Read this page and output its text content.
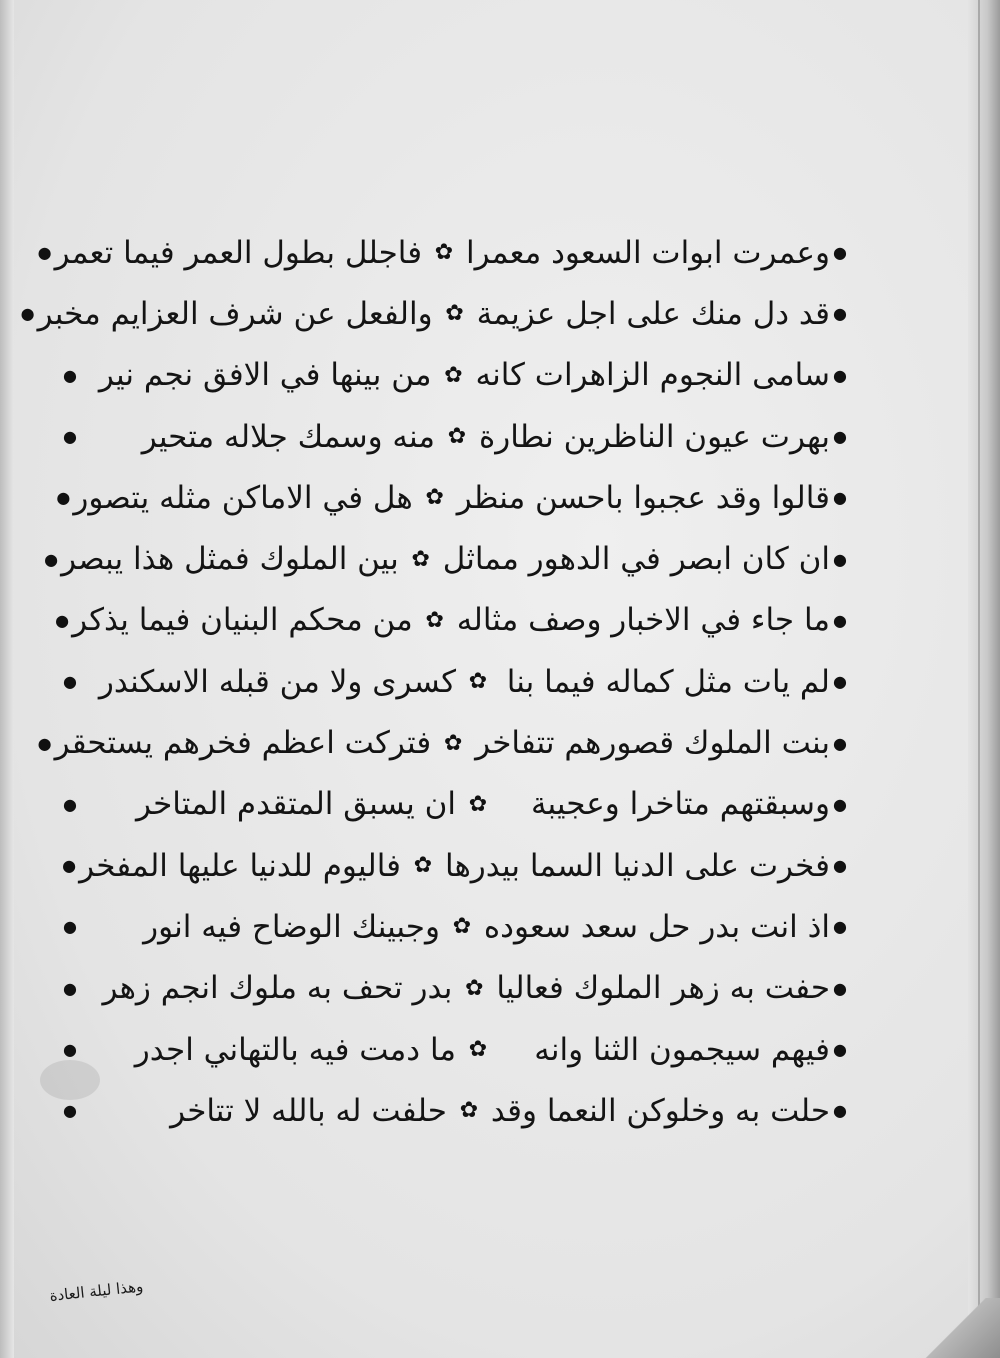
●
وعمرت ابوات السعود معمرا
✿
فاجلل بطول العمر فيما تعمر
●
●
قد دل منك على اجل عزيمة
✿
والفعل عن شرف العزايم مخبر
●
●
سامى النجوم الزاهرات كانه
✿
من بينها في الافق نجم نير
●
●
بهرت عيون الناظرين نطارة
✿
منه وسمك جلاله متحير
●
●
قالوا وقد عجبوا باحسن منظر
✿
هل في الاماكن مثله يتصور
●
●
ان كان ابصر في الدهور مماثل
✿
بين الملوك فمثل هذا يبصر
●
●
ما جاء في الاخبار وصف مثاله
✿
من محكم البنيان فيما يذكر
●
●
لم يات مثل كماله فيما بنا
✿
كسرى ولا من قبله الاسكندر
●
●
بنت الملوك قصورهم تتفاخر
✿
فتركت اعظم فخرهم يستحقر
●
●
وسبقتهم متاخرا وعجيبة
✿
ان يسبق المتقدم المتاخر
●
●
فخرت على الدنيا السما بيدرها
✿
فاليوم للدنيا عليها المفخر
●
●
اذ انت بدر حل سعد سعوده
✿
وجبينك الوضاح فيه انور
●
●
حفت به زهر الملوك فعاليا
✿
بدر تحف به ملوك انجم زهر
●
●
فيهم سيجمون الثنا وانه
✿
ما دمت فيه بالتهاني اجدر
●
●
حلت به وخلوكن النعما وقد
✿
حلفت له بالله لا تتاخر
●
وهذا ليلة العادة
